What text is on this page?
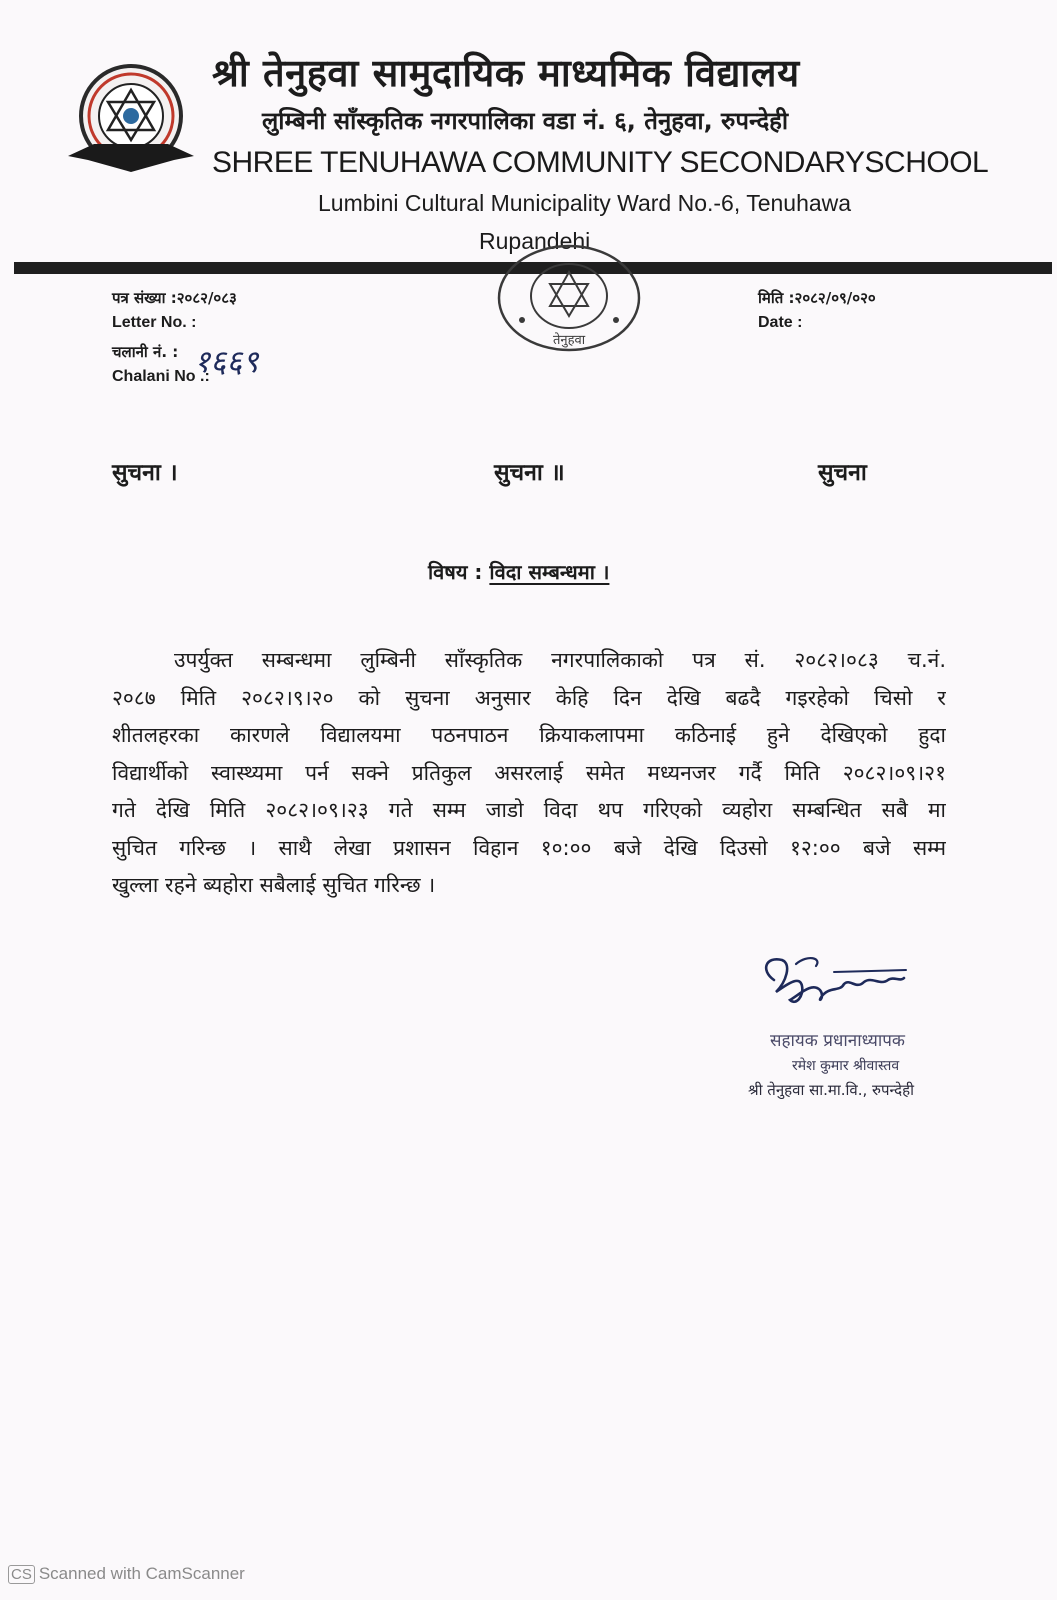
श्री तेनुहवा सामुदायिक माध्यमिक विद्यालय
लुम्बिनी साँस्कृतिक नगरपालिका वडा नं. ६, तेनुहवा, रुपन्देही
SHREE TENUHAWA COMMUNITY SECONDARYSCHOOL
Lumbini Cultural Municipality Ward No.-6, Tenuhawa
Rupandehi
तेनुहवा
पत्र संख्या :२०८२/०८३
Letter No. :
चलानी नं. : १६६९
Chalani No .:
मिति :२०८२/०९/०२०
Date :
सुचना ।	सुचना ॥	सुचना
विषय : विदा सम्बन्धमा ।
उपर्युक्त सम्बन्धमा लुम्बिनी साँस्कृतिक नगरपालिकाको पत्र सं. २०८२।०८३ च.नं.
२०८७ मिति २०८२।९।२० को सुचना अनुसार केहि दिन देखि बढदै गइरहेको चिसो र
शीतलहरका कारणले विद्यालयमा पठनपाठन क्रियाकलापमा कठिनाई हुने देखिएको हुदा
विद्यार्थीको स्वास्थ्यमा पर्न सक्ने प्रतिकुल असरलाई समेत मध्यनजर गर्दै मिति २०८२।०९।२१
गते देखि मिति २०८२।०९।२३ गते सम्म जाडो विदा थप गरिएको व्यहोरा सम्बन्धित सबै मा
सुचित गरिन्छ । साथै लेखा प्रशासन विहान १०:०० बजे देखि दिउसो १२:०० बजे सम्म
खुल्ला रहने ब्यहोरा सबैलाई सुचित गरिन्छ ।
सहायक प्रधानाध्यापक
रमेश कुमार श्रीवास्तव
श्री तेनुहवा सा.मा.वि., रुपन्देही
CS Scanned with CamScanner
